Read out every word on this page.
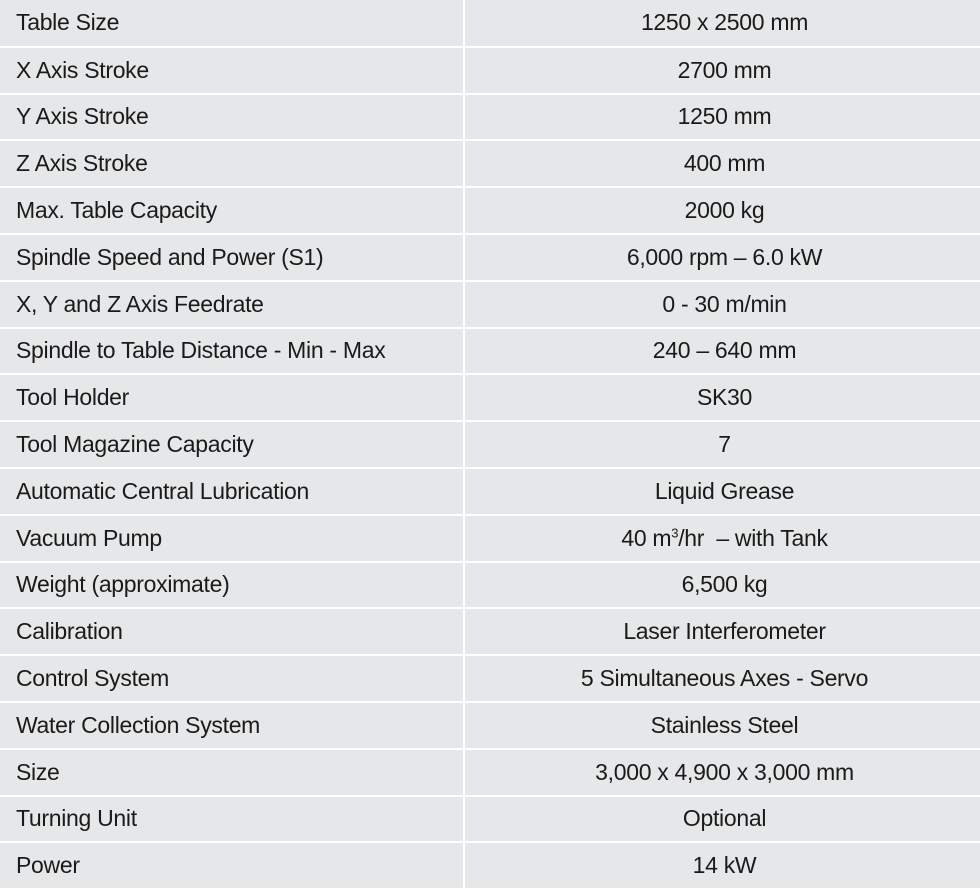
Table Size	1250 x 2500 mm
X Axis Stroke	2700 mm
Y Axis Stroke	1250 mm
Z Axis Stroke	400 mm
Max. Table Capacity	2000 kg
Spindle Speed and Power (S1)	6,000 rpm – 6.0 kW
X, Y and Z Axis Feedrate	0 - 30 m/min
Spindle to Table Distance - Min - Max	240 – 640 mm
Tool Holder	SK30
Tool Magazine Capacity	7
Automatic Central Lubrication	Liquid Grease
Vacuum Pump	40 $m^3/hr$  – with Tank
Weight (approximate)	6,500 kg
Calibration	Laser Interferometer
Control System	5 Simultaneous Axes - Servo
Water Collection System	Stainless Steel
Size	3,000 x 4,900 x 3,000 mm
Turning Unit	Optional
Power	14 kW
